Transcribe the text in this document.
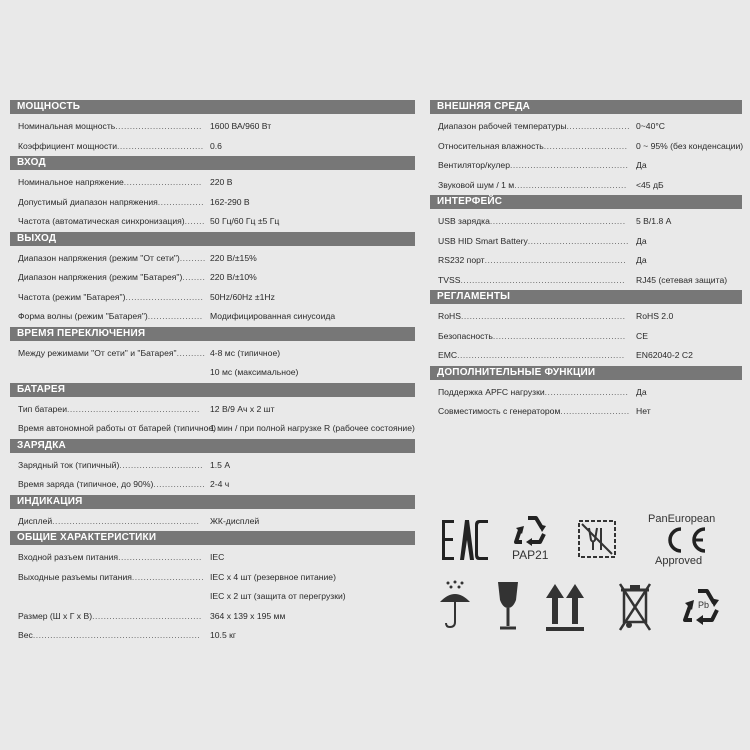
МОЩНОСТЬ
Номинальная мощность.............................. 1600 ВА/960 Вт
Коэффициент мощности.............................. 0.6
ВХОД
Номинальное напряжение........................... 220 В
Допустимый диапазон напряжения................ 162-290 В
Частота (автоматическая синхронизация)....... 50 Гц/60 Гц ±5 Гц
ВЫХОД
Диапазон напряжения (режим "От сети")......... 220 В/±15%
Диапазон напряжения (режим "Батарея")........ 220 В/±10%
Частота (режим "Батарея")........................... 50Hz/60Hz ±1Hz
Форма волны (режим "Батарея")................... Модифицированная синусоида
ВРЕМЯ ПЕРЕКЛЮЧЕНИЯ
Между режимами "От сети" и "Батарея".......... 4-8 мс (типичное)
10 мс (максимальное)
БАТАРЕЯ
Тип батареи.............................................. 12 В/9 Ач х 2 шт
Время автономной работы от батарей (типичное)
1 мин / при полной нагрузке R (рабочее состояние)
ЗАРЯДКА
Зарядный ток (типичный)............................. 1.5 А
Время заряда (типичное, до 90%).................. 2-4 ч
ИНДИКАЦИЯ
Дисплей................................................... ЖК-дисплей
ОБЩИЕ ХАРАКТЕРИСТИКИ
Входной разъем питания............................. IEC
Выходные разъемы питания......................... IEC х 4 шт (резервное питание)
IEC х 2 шт (защита от перегрузки)
Размер (Ш х Г х В)...................................... 364 х 139 х 195 мм
Вес.......................................................... 10.5 кг
ВНЕШНЯЯ СРЕДА
Диапазон рабочей температуры...................... 0~40°С
Относительная влажность............................. 0 ~ 95% (без конденсации)
Вентилятор/кулер......................................... Да
Звуковой шум / 1 м....................................... <45 дБ
ИНТЕРФЕЙС
USB зарядка............................................... 5 В/1.8 А
USB HID Smart Battery................................... Да
RS232 порт................................................. Да
TVSS......................................................... RJ45 (сетевая защита)
РЕГЛАМЕНТЫ
RoHS......................................................... RoHS 2.0
Безопасность.............................................. CE
EMC.......................................................... EN62040-2 C2
ДОПОЛНИТЕЛЬНЫЕ ФУНКЦИИ
Поддержка APFC нагрузки............................. Да
Совместимость с генератором........................ Нет
PAP21
PanEuropean
Approved
Pb
